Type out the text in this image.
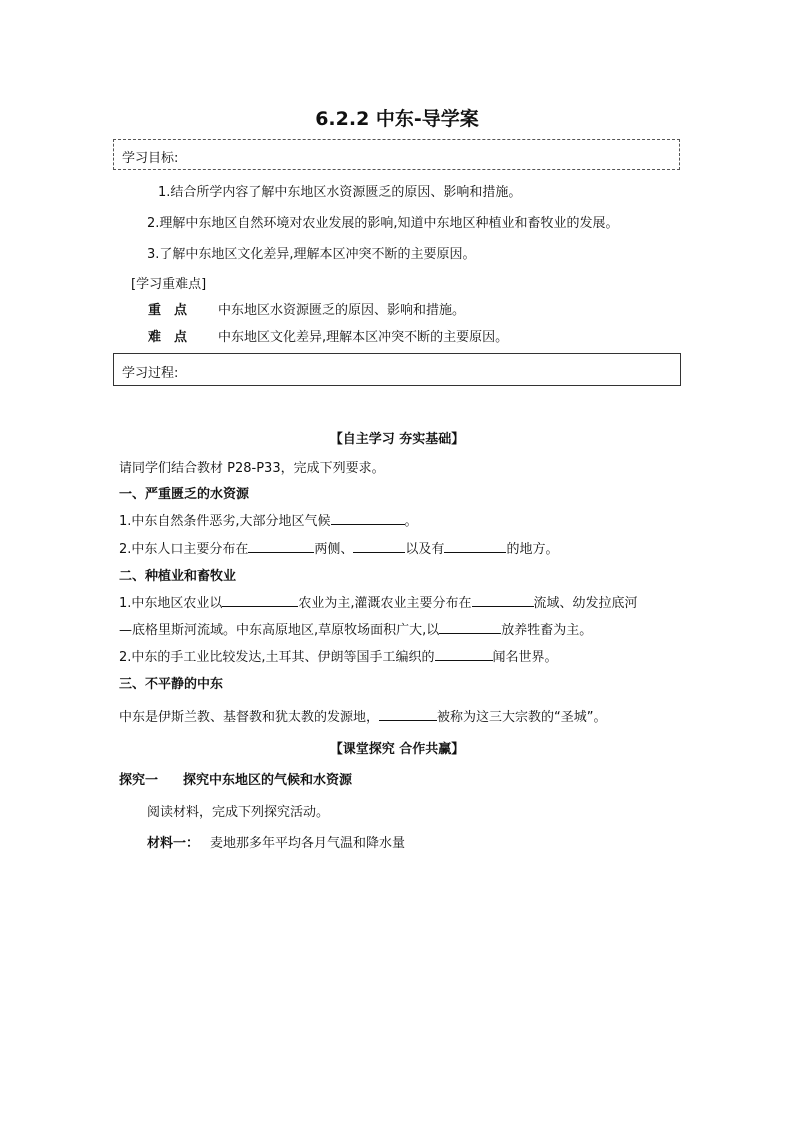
6.2.2 中东-导学案
学习目标:
1.结合所学内容了解中东地区水资源匮乏的原因、影响和措施。
2.理解中东地区自然环境对农业发展的影响,知道中东地区种植业和畜牧业的发展。
3.了解中东地区文化差异,理解本区冲突不断的主要原因。
[学习重难点]
重　点 中东地区水资源匮乏的原因、影响和措施。
难　点 中东地区文化差异,理解本区冲突不断的主要原因。
学习过程:
【自主学习 夯实基础】
请同学们结合教材 P28-P33，完成下列要求。
一、严重匮乏的水资源
1.中东自然条件恶劣,大部分地区气候	。
2.中东人口主要分布在	两侧、	以及有	的地方。
二、种植业和畜牧业
1.中东地区农业以	农业为主,灌溉农业主要分布在	流域、幼发拉底河
—底格里斯河流域。中东高原地区,草原牧场面积广大,以	放养牲畜为主。
2.中东的手工业比较发达,土耳其、伊朗等国手工编织的	闻名世界。
三、不平静的中东
中东是伊斯兰教、基督教和犹太教的发源地，	被称为这三大宗教的“圣城”。
【课堂探究 合作共赢】
探究一 探究中东地区的气候和水资源
阅读材料，完成下列探究活动。
材料一： 麦地那多年平均各月气温和降水量
